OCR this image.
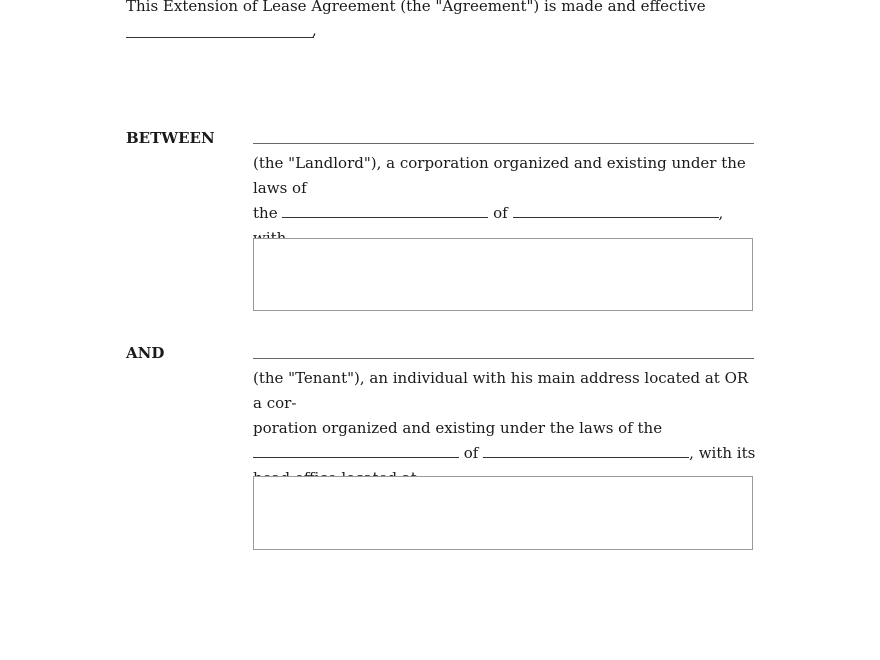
This Extension of Lease Agreement (the "Agreement") is made and effective
,
BETWEEN
(the "Landlord"), a corporation organized and existing under the laws of
the	of	,
AND
(the "Tenant"), an individual with his main address located at OR a cor-
poration organized and existing under the laws of the
of	, with its
